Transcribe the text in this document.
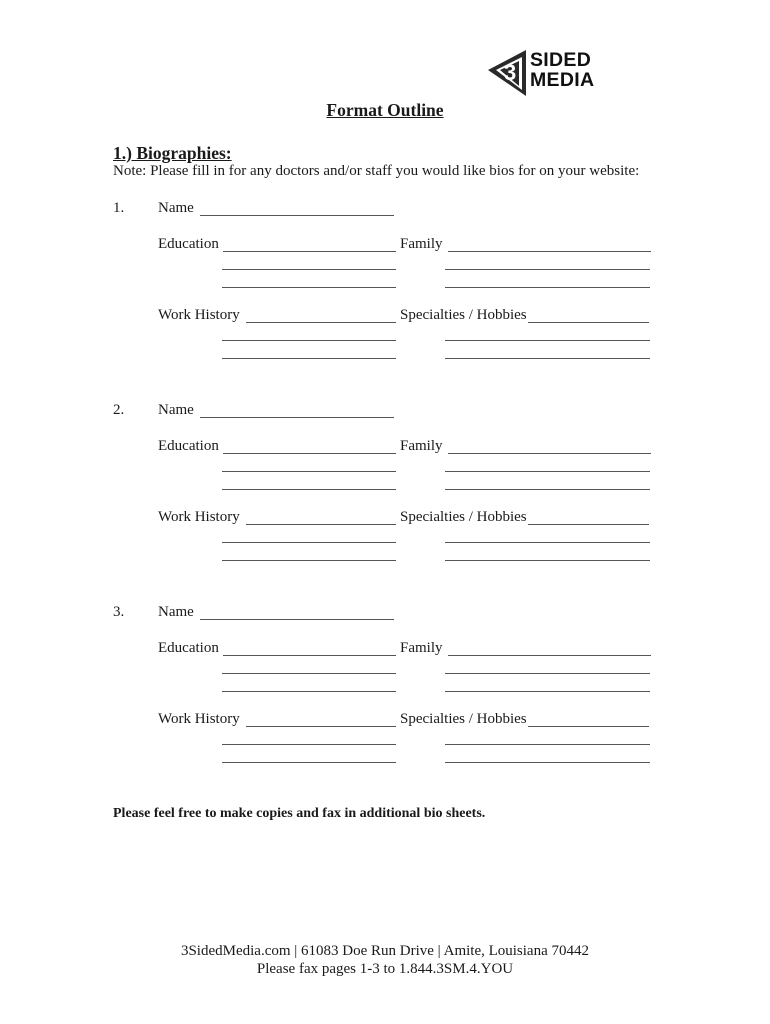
3 SIDED
MEDIA
Format Outline
1.) Biographies:
Note: Please fill in for any doctors and/or staff you would like bios for on your website:
1. Name
Education	Family
Work History	Specialties / Hobbies
2. Name
Education	Family
Work History	Specialties / Hobbies
3. Name
Education	Family
Work History	Specialties / Hobbies
Please feel free to make copies and fax in additional bio sheets.
3SidedMedia.com | 61083 Doe Run Drive | Amite, Louisiana 70442
Please fax pages 1-3 to 1.844.3SM.4.YOU
